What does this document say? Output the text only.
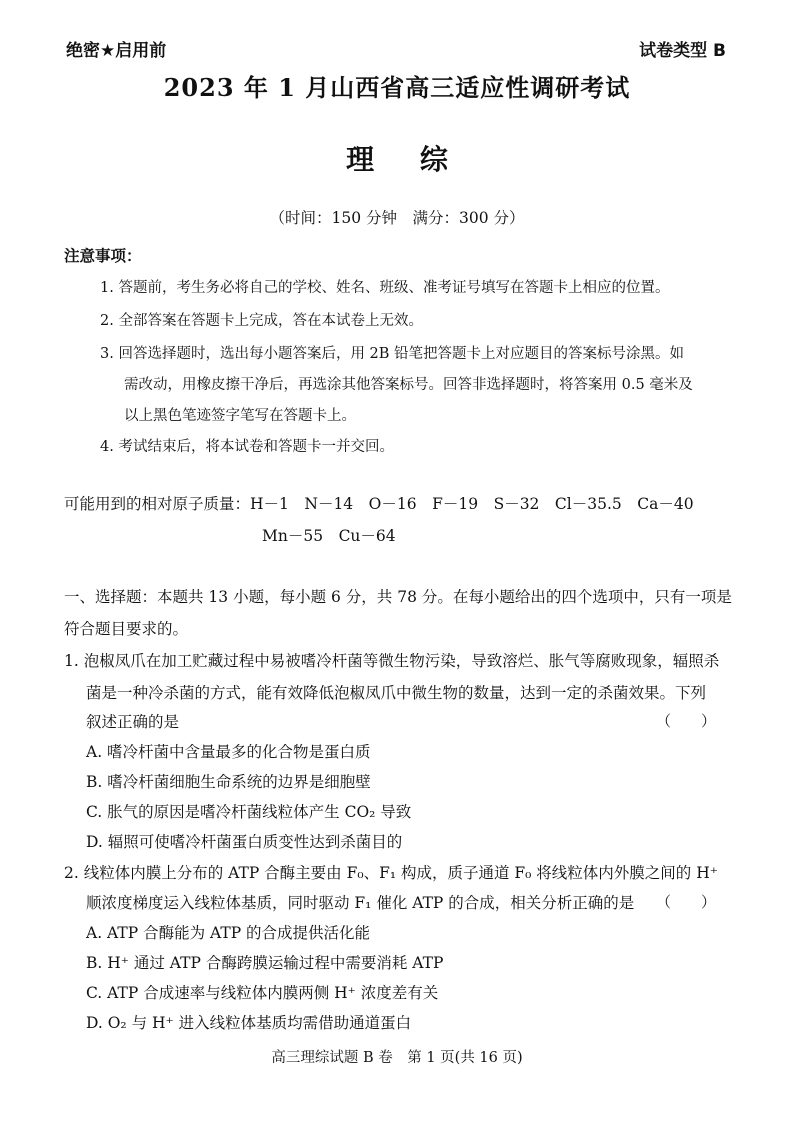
绝密★启用前	试卷类型 B
2023 年 1 月山西省高三适应性调研考试
理 综
（时间：150 分钟　满分：300 分）
注意事项：
1. 答题前，考生务必将自己的学校、姓名、班级、准考证号填写在答题卡上相应的位置。
2. 全部答案在答题卡上完成，答在本试卷上无效。
3. 回答选择题时，选出每小题答案后，用 2B 铅笔把答题卡上对应题目的答案标号涂黑。如
需改动，用橡皮擦干净后，再选涂其他答案标号。回答非选择题时，将答案用 0.5 毫米及
以上黑色笔迹签字笔写在答题卡上。
4. 考试结束后，将本试卷和答题卡一并交回。
可能用到的相对原子质量：H－1　N－14　O－16　F－19　S－32　Cl－35.5　Ca－40
Mn－55　Cu－64
一、选择题：本题共 13 小题，每小题 6 分，共 78 分。在每小题给出的四个选项中，只有一项是
符合题目要求的。
1. 泡椒凤爪在加工贮藏过程中易被嗜冷杆菌等微生物污染，导致溶烂、胀气等腐败现象，辐照杀
菌是一种冷杀菌的方式，能有效降低泡椒凤爪中微生物的数量，达到一定的杀菌效果。下列
叙述正确的是	（　　）
A. 嗜冷杆菌中含量最多的化合物是蛋白质
B. 嗜冷杆菌细胞生命系统的边界是细胞壁
C. 胀气的原因是嗜冷杆菌线粒体产生 CO₂ 导致
D. 辐照可使嗜冷杆菌蛋白质变性达到杀菌目的
2. 线粒体内膜上分布的 ATP 合酶主要由 F₀、F₁ 构成，质子通道 F₀ 将线粒体内外膜之间的 H⁺
顺浓度梯度运入线粒体基质，同时驱动 F₁ 催化 ATP 的合成，相关分析正确的是 （　　）
A. ATP 合酶能为 ATP 的合成提供活化能
B. H⁺ 通过 ATP 合酶跨膜运输过程中需要消耗 ATP
C. ATP 合成速率与线粒体内膜两侧 H⁺ 浓度差有关
D. O₂ 与 H⁺ 进入线粒体基质均需借助通道蛋白
高三理综试题 B 卷　第 1 页(共 16 页)
